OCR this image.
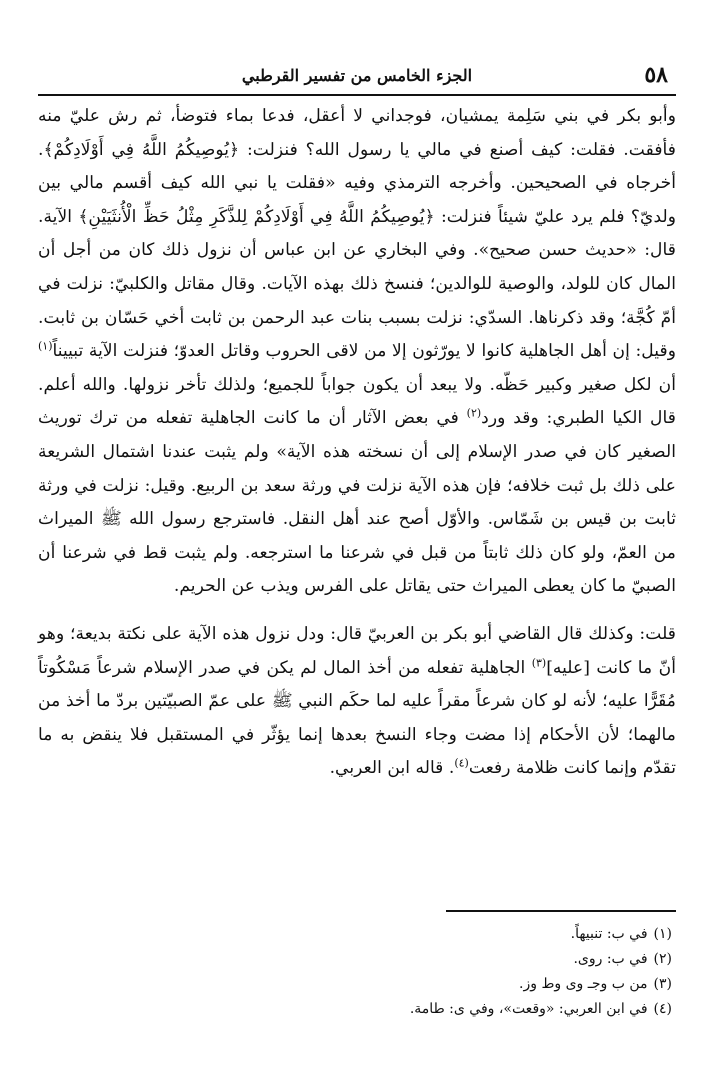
٥٨
الجزء الخامس من تفسير القرطبي

وأبو بكر في بني سَلِمة يمشيان، فوجداني لا أعقل، فدعا بماء فتوضأ، ثم رش عليّ منه فأفقت. فقلت: كيف أصنع في مالي يا رسول الله؟ فنزلت: ﴿يُوصِيكُمُ اللَّهُ فِي أَوْلَادِكُمْ﴾. أخرجاه في الصحيحين. وأخرجه الترمذي وفيه «فقلت يا نبي الله كيف أقسم مالي بين ولديّ؟ فلم يرد عليّ شيئاً فنزلت: ﴿يُوصِيكُمُ اللَّهُ فِي أَوْلَادِكُمْ لِلذَّكَرِ مِثْلُ حَظِّ الْأُنثَيَيْنِ﴾ الآية. قال: «حديث حسن صحيح». وفي البخاري عن ابن عباس أن نزول ذلك كان من أجل أن المال كان للولد، والوصية للوالدين؛ فنسخ ذلك بهذه الآيات. وقال مقاتل والكلبيّ: نزلت في أمّ كُجَّة؛ وقد ذكرناها. السدّي: نزلت بسبب بنات عبد الرحمن بن ثابت أخي حَسّان بن ثابت. وقيل: إن أهل الجاهلية كانوا لا يورّثون إلا من لاقى الحروب وقاتل العدوّ؛ فنزلت الآية تبييناً$^{(١)}$ أن لكل صغير وكبير حَظّه. ولا يبعد أن يكون جواباً للجميع؛ ولذلك تأخر نزولها. والله أعلم. قال الكيا الطبري: وقد ورد$^{(٢)}$ في بعض الآثار أن ما كانت الجاهلية تفعله من ترك توريث الصغير كان في صدر الإسلام إلى أن نسخته هذه الآية» ولم يثبت عندنا اشتمال الشريعة على ذلك بل ثبت خلافه؛ فإن هذه الآية نزلت في ورثة سعد بن الربيع. وقيل: نزلت في ورثة ثابت بن قيس بن شَمّاس. والأوّل أصح عند أهل النقل. فاسترجع رسول الله ﷺ الميراث من العمّ، ولو كان ذلك ثابتاً من قبل في شرعنا ما استرجعه. ولم يثبت قط في شرعنا أن الصبيّ ما كان يعطى الميراث حتى يقاتل على الفرس ويذب عن الحريم.

قلت: وكذلك قال القاضي أبو بكر بن العربيّ قال: ودل نزول هذه الآية على نكتة بديعة؛ وهو أنّ ما كانت [عليه]$^{(٣)}$ الجاهلية تفعله من أخذ المال لم يكن في صدر الإسلام شرعاً مَسْكُوتاً مُقَرًّا عليه؛ لأنه لو كان شرعاً مقراً عليه لما حكَم النبي ﷺ على عمّ الصبيّتين بردّ ما أخذ من مالهما؛ لأن الأحكام إذا مضت وجاء النسخ بعدها إنما يؤثّر في المستقبل فلا ينقض به ما تقدّم وإنما كانت ظلامة رفعت$^{(٤)}$. قاله ابن العربي.

(١)في ب: تنبيهاً.
(٢)في ب: روى.
(٣)من ب وجـ وى وط وز.
(٤)في ابن العربي: «وقعت»، وفي ى: طامة.
